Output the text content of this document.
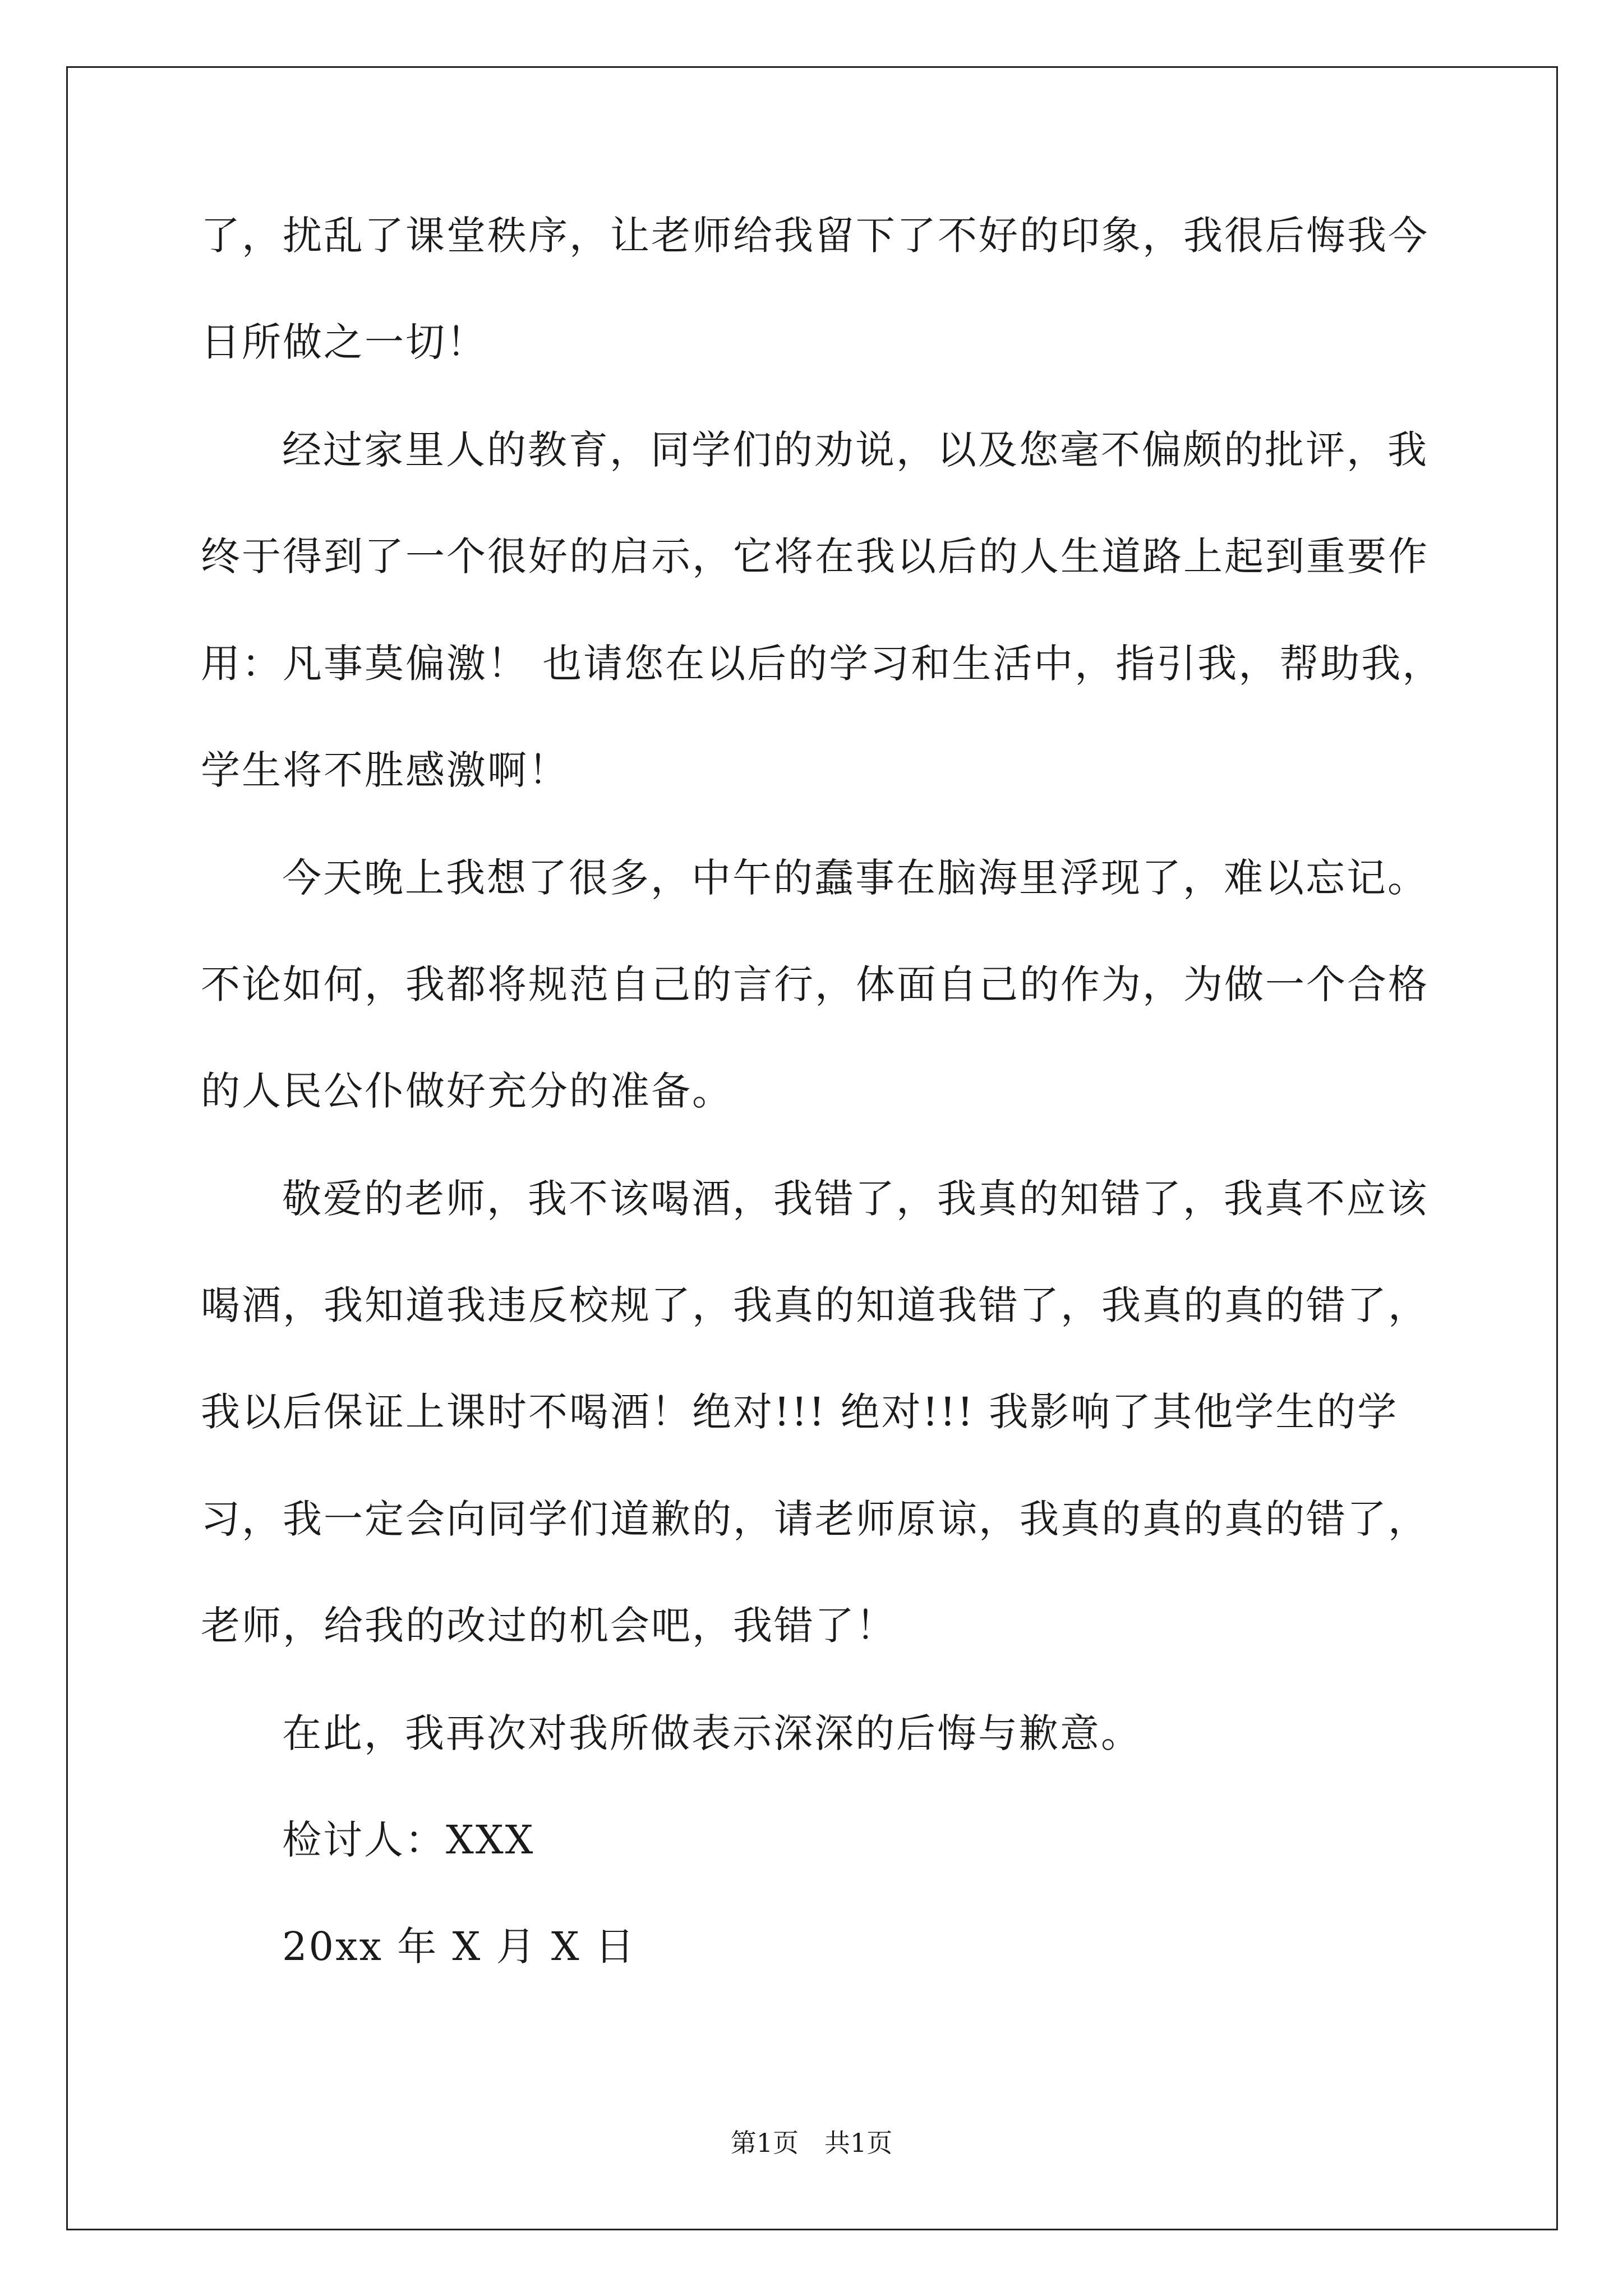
了，扰乱了课堂秩序，让老师给我留下了不好的印象，我很后悔我今
日所做之一切！
经过家里人的教育，同学们的劝说，以及您毫不偏颇的批评，我
终于得到了一个很好的启示，它将在我以后的人生道路上起到重要作
用：凡事莫偏激！ 也请您在以后的学习和生活中，指引我，帮助我，
学生将不胜感激啊！
今天晚上我想了很多，中午的蠢事在脑海里浮现了，难以忘记。
不论如何，我都将规范自己的言行，体面自己的作为，为做一个合格
的人民公仆做好充分的准备。
敬爱的老师，我不该喝酒，我错了，我真的知错了，我真不应该
喝酒，我知道我违反校规了，我真的知道我错了，我真的真的错了，
我以后保证上课时不喝酒！绝对!!! 绝对!!! 我影响了其他学生的学
习，我一定会向同学们道歉的，请老师原谅，我真的真的真的错了，
老师，给我的改过的机会吧，我错了！
在此，我再次对我所做表示深深的后悔与歉意。
检讨人：XXX
20xx 年 X 月 X 日
第1页　共1页
